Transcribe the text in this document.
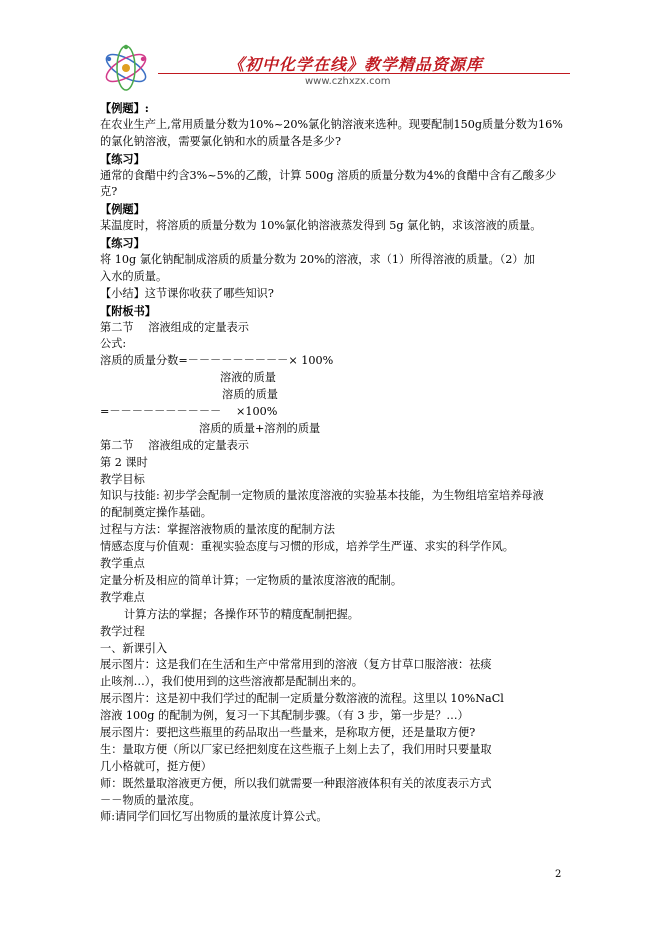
《初中化学在线》教学精品资源库
www.czhxzx.com
【例题】:
在农业生产上,常用质量分数为10%~20%氯化钠溶液来选种。现要配制150g质量分数为16%
的氯化钠溶液，需要氯化钠和水的质量各是多少?
【练习】
通常的食醋中约含3%~5%的乙酸，计算 500g 溶质的质量分数为4%的食醋中含有乙酸多少
克?
【例题】
某温度时，将溶质的质量分数为 10%氯化钠溶液蒸发得到 5g 氯化钠，求该溶液的质量。
【练习】
将 10g 氯化钠配制成溶质的质量分数为 20%的溶液，求（1）所得溶液的质量。（2）加
入水的质量。
【小结】这节课你收获了哪些知识?
【附板书】
第二节　 溶液组成的定量表示
公式:
溶质的质量分数=－－－－－－－－－× 100%
溶液的质量
溶质的质量
=－－－－－－－－－－　 ×100%
溶质的质量+溶剂的质量
第二节　 溶液组成的定量表示
第 2 课时
教学目标
知识与技能: 初步学会配制一定物质的量浓度溶液的实验基本技能，为生物组培室培养母液
的配制奠定操作基础。
过程与方法：掌握溶液物质的量浓度的配制方法
情感态度与价值观：重视实验态度与习惯的形成，培养学生严谨、求实的科学作风。
教学重点
定量分析及相应的简单计算；一定物质的量浓度溶液的配制。
教学难点
计算方法的掌握；各操作环节的精度配制把握。
教学过程
一、新课引入
展示图片：这是我们在生活和生产中常常用到的溶液（复方甘草口服溶液：祛痰
止咳剂…），我们使用到的这些溶液都是配制出来的。
展示图片：这是初中我们学过的配制一定质量分数溶液的流程。这里以 10%NaCl
溶液 100g 的配制为例，复习一下其配制步骤。（有 3 步，第一步是？…）
展示图片：要把这些瓶里的药品取出一些量来，是称取方便，还是量取方便?
生：量取方便（所以厂家已经把刻度在这些瓶子上刻上去了，我们用时只要量取
几小格就可，挺方便）
师：既然量取溶液更方便，所以我们就需要一种跟溶液体积有关的浓度表示方式
－－物质的量浓度。
师:请同学们回忆写出物质的量浓度计算公式。
2
